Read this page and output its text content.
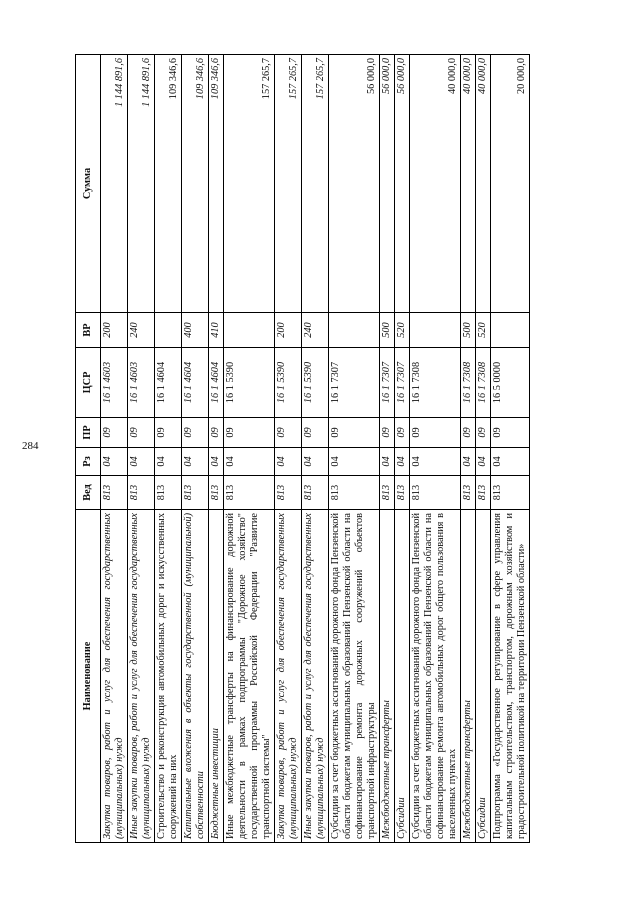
284
Наименование	Вед	Рз	ПР	ЦСР	ВР	Сумма
Закупка товаров, работ и услуг для обеспечения государственных (муниципальных) нужд	813	04	09	16 1 4603	200	1 144 891,6
Иные закупки товаров, работ и услуг для обеспечения государственных (муниципальных) нужд	813	04	09	16 1 4603	240	1 144 891,6
Строительство и реконструкция автомобильных дорог и искусственных сооружений на них	813	04	09	16 1 4604		109 346,6
Капитальные вложения в объекты государственной (муниципальной) собственности	813	04	09	16 1 4604	400	109 346,6
Бюджетные инвестиции	813	04	09	16 1 4604	410	109 346,6
Иные межбюджетные трансферты на финансирование дорожной деятельности в рамках подпрограммы "Дорожное хозяйство" государственной программы Российской Федерации "Развитие транспортной системы"	813	04	09	16 1 5390		157 265,7
Закупка товаров, работ и услуг для обеспечения государственных (муниципальных) нужд	813	04	09	16 1 5390	200	157 265,7
Иные закупки товаров, работ и услуг для обеспечения государственных (муниципальных) нужд	813	04	09	16 1 5390	240	157 265,7
Субсидии за счет бюджетных ассигнований дорожного фонда Пензенской области бюджетам муниципальных образований Пензенской области на софинансирование ремонта дорожных сооружений объектов транспортной инфраструктуры	813	04	09	16 1 7307		56 000,0
Межбюджетные трансферты	813	04	09	16 1 7307	500	56 000,0
Субсидии	813	04	09	16 1 7307	520	56 000,0
Субсидии за счет бюджетных ассигнований дорожного фонда Пензенской области бюджетам муниципальных образований Пензенской области на софинансирование ремонта автомобильных дорог общего пользования в населенных пунктах	813	04	09	16 1 7308		40 000,0
Межбюджетные трансферты	813	04	09	16 1 7308	500	40 000,0
Субсидии	813	04	09	16 1 7308	520	40 000,0
Подпрограмма «Государственное регулирование в сфере управления капитальным строительством, транспортом, дорожным хозяйством и градостроительной политикой на территории Пензенской области»	813	04	09	16 5 0000		20 000,0
